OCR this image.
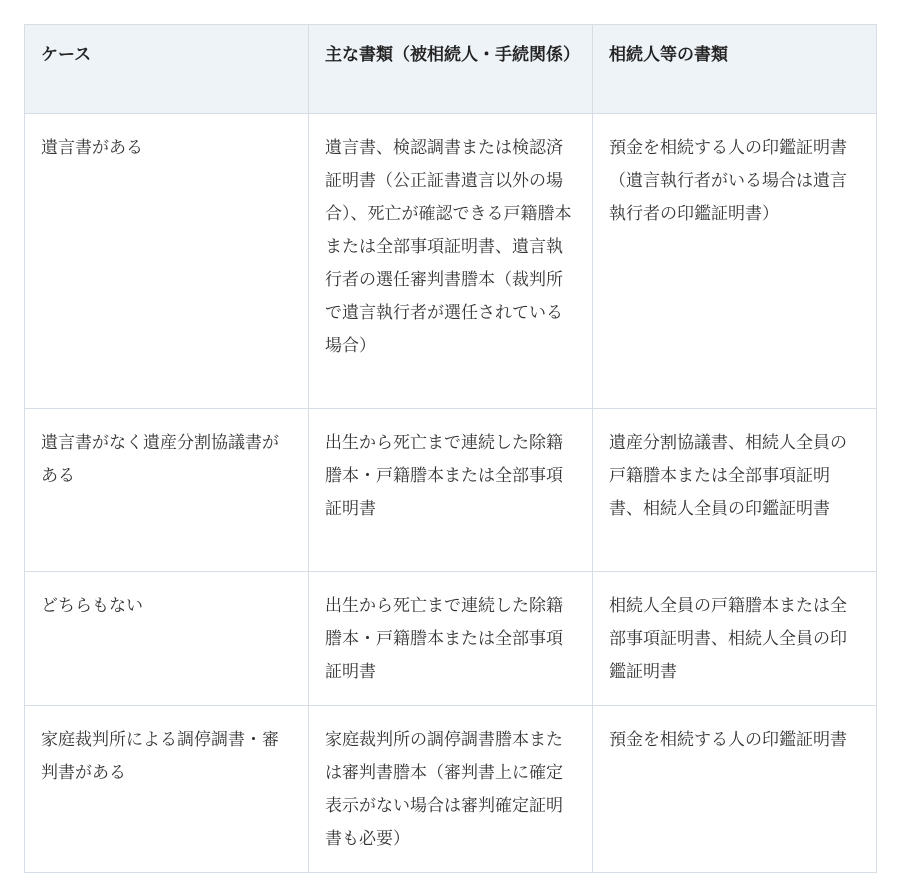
ケース	主な書類（被相続人・手続関係）	相続人等の書類

遺言書がある	遺言書、検認調書または検認済証明書（公正証書遺言以外の場合）、死亡が確認できる戸籍謄本または全部事項証明書、遺言執行者の選任審判書謄本（裁判所で遺言執行者が選任されている場合）	預金を相続する人の印鑑証明書（遺言執行者がいる場合は遺言執行者の印鑑証明書）

遺言書がなく遺産分割協議書がある	出生から死亡まで連続した除籍謄本・戸籍謄本または全部事項証明書	遺産分割協議書、相続人全員の戸籍謄本または全部事項証明書、相続人全員の印鑑証明書

どちらもない	出生から死亡まで連続した除籍謄本・戸籍謄本または全部事項証明書	相続人全員の戸籍謄本または全部事項証明書、相続人全員の印鑑証明書

家庭裁判所による調停調書・審判書がある	家庭裁判所の調停調書謄本または審判書謄本（審判書上に確定表示がない場合は審判確定証明書も必要）	預金を相続する人の印鑑証明書
